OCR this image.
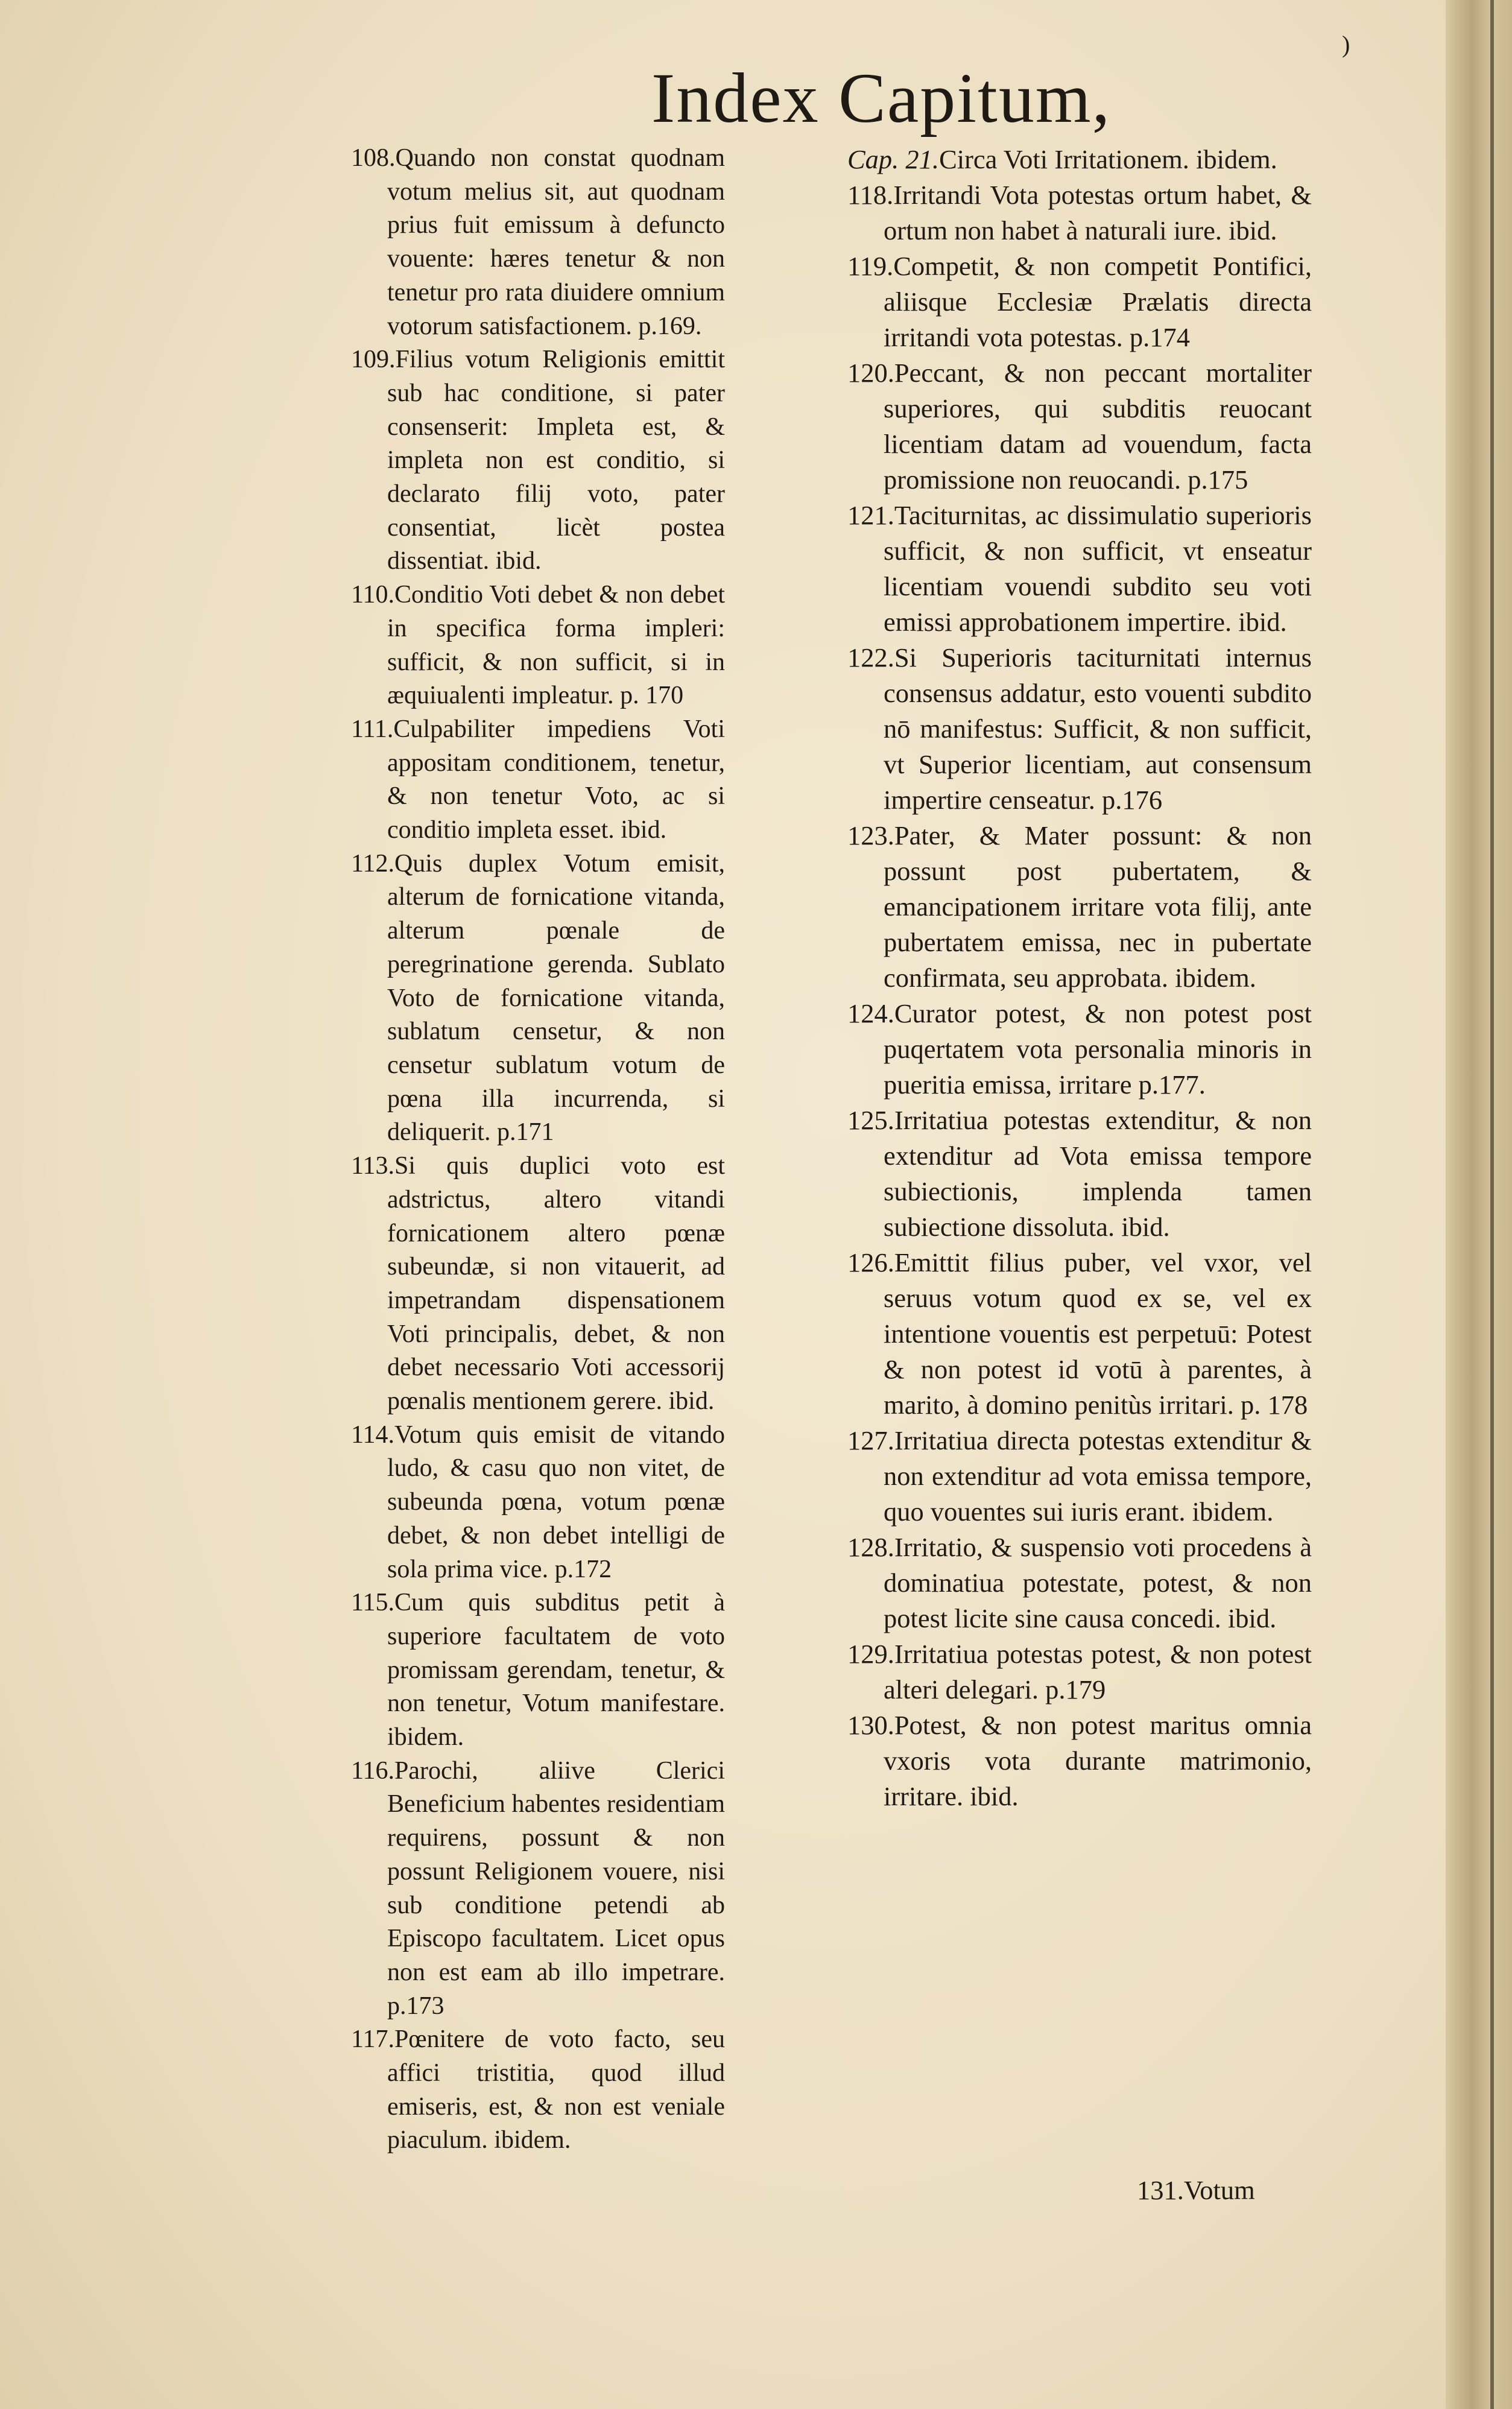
)
Index Capitum,

108.Quando non constat quodnam votum melius sit, aut quodnam prius fuit emissum à defuncto vouente: hæres tenetur & non tenetur pro rata diuidere omnium votorum satisfactionem. p.169.

109.Filius votum Religionis emittit sub hac conditione, si pater consenserit: Impleta est, & impleta non est conditio, si declarato filij voto, pater consentiat, licèt postea dissentiat. ibid.

110.Conditio Voti debet & non debet in specifica forma impleri: sufficit, & non sufficit, si in æquiualenti impleatur. p. 170

111.Culpabiliter impediens Voti appositam conditionem, tenetur, & non tenetur Voto, ac si conditio impleta esset. ibid.

112.Quis duplex Votum emisit, alterum de fornicatione vitanda, alterum pœnale de peregrinatione gerenda. Sublato Voto de fornicatione vitanda, sublatum censetur, & non censetur sublatum votum de pœna illa incurrenda, si deliquerit. p.171

113.Si quis duplici voto est adstrictus, altero vitandi fornicationem altero pœnæ subeundæ, si non vitauerit, ad impetrandam dispensationem Voti principalis, debet, & non debet necessario Voti accessorij pœnalis mentionem gerere. ibid.

114.Votum quis emisit de vitando ludo, & casu quo non vitet, de subeunda pœna, votum pœnæ debet, & non debet intelligi de sola prima vice. p.172

115.Cum quis subditus petit à superiore facultatem de voto promissam gerendam, tenetur, & non tenetur, Votum manifestare. ibidem.

116.Parochi, aliive Clerici Beneficium habentes residentiam requirens, possunt & non possunt Religionem vouere, nisi sub conditione petendi ab Episcopo facultatem. Licet opus non est eam ab illo impetrare. p.173

117.Pœnitere de voto facto, seu affici tristitia, quod illud emiseris, est, & non est veniale piaculum. ibidem.

Cap. 21.Circa Voti Irritationem. ibidem.

118.Irritandi Vota potestas ortum habet, & ortum non habet à naturali iure. ibid.

119.Competit, & non competit Pontifici, aliisque Ecclesiæ Prælatis directa irritandi vota potestas. p.174

120.Peccant, & non peccant mortaliter superiores, qui subditis reuocant licentiam datam ad vouendum, facta promissione non reuocandi. p.175

121.Taciturnitas, ac dissimulatio superioris sufficit, & non sufficit, vt enseatur licentiam vouendi subdito seu voti emissi approbationem impertire. ibid.

122.Si Superioris taciturnitati internus consensus addatur, esto vouenti subdito nō manifestus: Sufficit, & non sufficit, vt Superior licentiam, aut consensum impertire censeatur. p.176

123.Pater, & Mater possunt: & non possunt post pubertatem, & emancipationem irritare vota filij, ante pubertatem emissa, nec in pubertate confirmata, seu approbata. ibidem.

124.Curator potest, & non potest post puqertatem vota personalia minoris in pueritia emissa, irritare p.177.

125.Irritatiua potestas extenditur, & non extenditur ad Vota emissa tempore subiectionis, implenda tamen subiectione dissoluta. ibid.

126.Emittit filius puber, vel vxor, vel seruus votum quod ex se, vel ex intentione vouentis est perpetuū: Potest & non potest id votū à parentes, à marito, à domino penitùs irritari. p. 178

127.Irritatiua directa potestas extenditur & non extenditur ad vota emissa tempore, quo vouentes sui iuris erant. ibidem.

128.Irritatio, & suspensio voti procedens à dominatiua potestate, potest, & non potest licite sine causa concedi. ibid.

129.Irritatiua potestas potest, & non potest alteri delegari. p.179

130.Potest, & non potest maritus omnia vxoris vota durante matrimonio, irritare. ibid.

131.Votum
